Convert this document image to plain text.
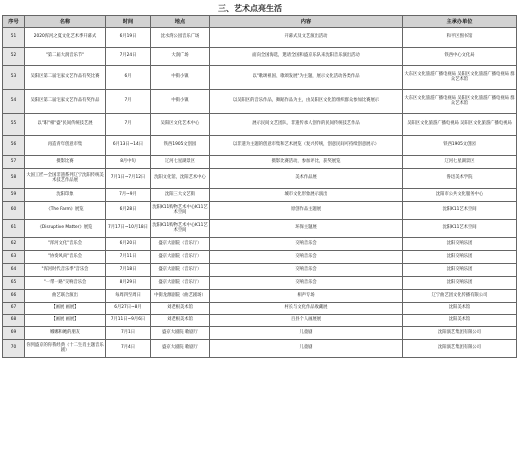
三、艺术点亮生活
序号	名称	时间	地点	内容	主承办单位
51	2020浑河之夏文化艺术季开幕式	6月19日	沈水湾公园音乐广场	开幕式及文艺演出活动	和平区图书馆
52	"第二届大润音乐节"	7月24日	大润广场	面向全国海选，邀请全国和盛京乐队来沈阳音乐演出活动	铁西中心文化局
53	吴阳区第二届宅家文艺作品有奖比赛	6月	中街小镇	以"歌颂祖国、歌颂发展"为主题，展示文化活动各类作品	大东区文化旅游广播电视局 吴阳区文化旅游广播电视局 群众艺术馆
54	吴阳区第二届宅家文艺作品有奖作品	7月	中街小镇	以吴阳区的音乐作品，舞蹈作品为主，由吴阳区文化馆组织群众参加比赛展示	大东区文化旅游广播电视局 吴阳区文化旅游广播电视局 群众艺术馆
55	以"职"相"盛"民间传统技艺展	7月	吴阳区文化艺术中心	展示民间文艺团队、非遗传承人创作的民间传统技艺作品	吴阳区文化旅游广播电视局 吴阳区文化旅游广播电视局
56	再造青年创意市集	6月13日~14日	铁西1905文创园	以非遗为主题的创意市集和艺术展览（复兴传统，创意民间可持续创意展示）	铁西1905文创园
57	摄影比赛	8月中旬	辽河七星湖景区	摄影比赛活动，参加评比，获奖展览	辽河七星湖景区
58	大国工匠—全国非遗系列辽宁沈阳传统美术技艺作品展	7月1日~7月12日	沈阳文化馆，沈阳艺术中心	美术作品展	鲁迅美术学院
59	沈阳印象	7月~9月	沈阳三大文艺街	城市文化形象展示演出	沈阳市公共文化服务中心
60	《The Farm》展览	6月28日	沈阳K11购物艺术中心K11艺术空间	原创作品主题展	沈阳K11艺术空间
61	《Disruptive Matter》展览	7月17日~10月18日	沈阳K11购物艺术中心K11艺术空间	环保主题展	沈阳K11艺术空间
62	"浑河文化"音乐会	6月20日	盛京大剧院（音乐厅）	交响音乐会	沈阳交响乐团
63	"协奏风尚"音乐会	7月11日	盛京大剧院（音乐厅）	交响音乐会	沈阳交响乐团
64	"浑河时代音乐季"音乐会	7月18日	盛京大剧院（音乐厅）	交响音乐会	沈阳交响乐团
65	"一带一路"交响音乐会	8月29日	盛京大剧院（音乐厅）	交响音乐会	沈阳交响乐团
66	曲艺联合演出	每周四至周日	中街龙源剧院（曲艺剧场）	相声专场	辽宁曲艺团文化传播有限公司
67	【画展 画展】	6月27日~8月	刘老根美术馆	村长与文化作品收藏展	沈阳美术馆
68	【画展 画展】	7月11日~9月6日	刘老根美术馆	百县个人画展展	沈阳美术馆
69	娜娜和她的朋友	7月1日	盛京大剧院 歌剧厅	儿童剧	沈阳演艺集团有限公司
70	你到盛京的你我经典（十二生肖主题音乐剧）	7月4日	盛京大剧院 歌剧厅	儿童剧	沈阳演艺集团有限公司
